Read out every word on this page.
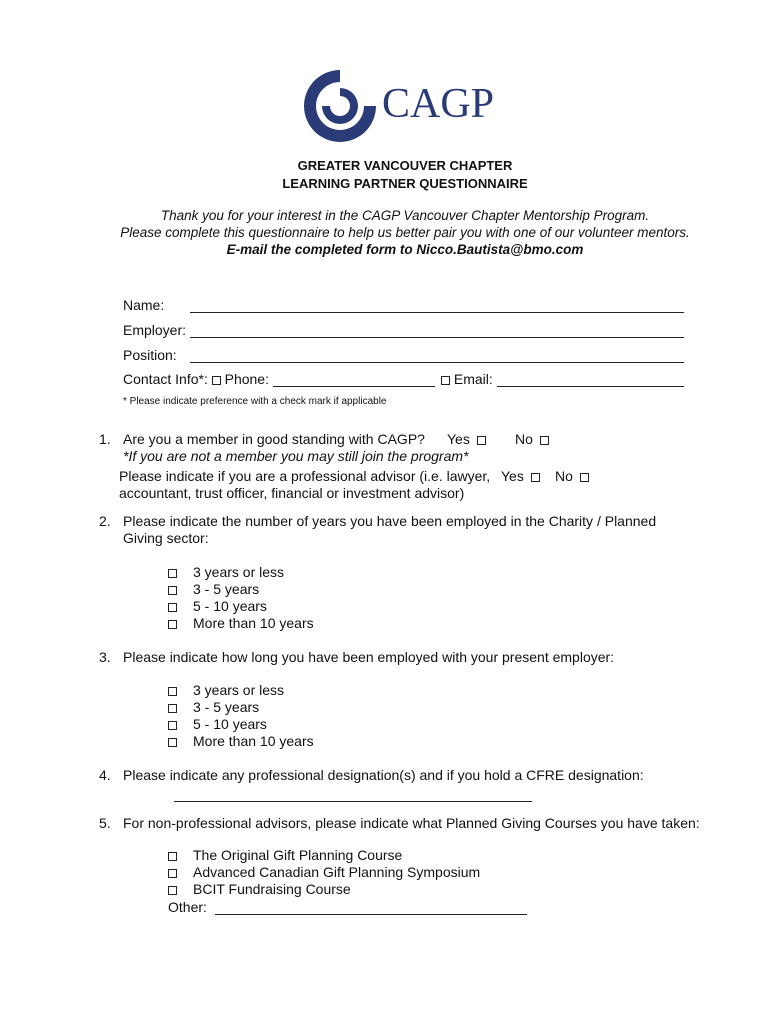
CAGP
GREATER VANCOUVER CHAPTER
LEARNING PARTNER QUESTIONNAIRE
Thank you for your interest in the CAGP Vancouver Chapter Mentorship Program.
Please complete this questionnaire to help us better pair you with one of our volunteer mentors.
E-mail the completed form to Nicco.Bautista@bmo.com
Name:
Employer:
Position:
Contact Info*: Phone:	Email:
* Please indicate preference with a check mark if applicable
1. Are you a member in good standing with CAGP? Yes	No
*If you are not a member you may still join the program*
Please indicate if you are a professional advisor (i.e. lawyer, Yes	No
accountant, trust officer, financial or investment advisor)
2. Please indicate the number of years you have been employed in the Charity / Planned
Giving sector:
3 years or less
3 - 5 years
5 - 10 years
More than 10 years
3. Please indicate how long you have been employed with your present employer:
3 years or less
3 - 5 years
5 - 10 years
More than 10 years
4. Please indicate any professional designation(s) and if you hold a CFRE designation:
5. For non-professional advisors, please indicate what Planned Giving Courses you have taken:
The Original Gift Planning Course
Advanced Canadian Gift Planning Symposium
BCIT Fundraising Course
Other:
